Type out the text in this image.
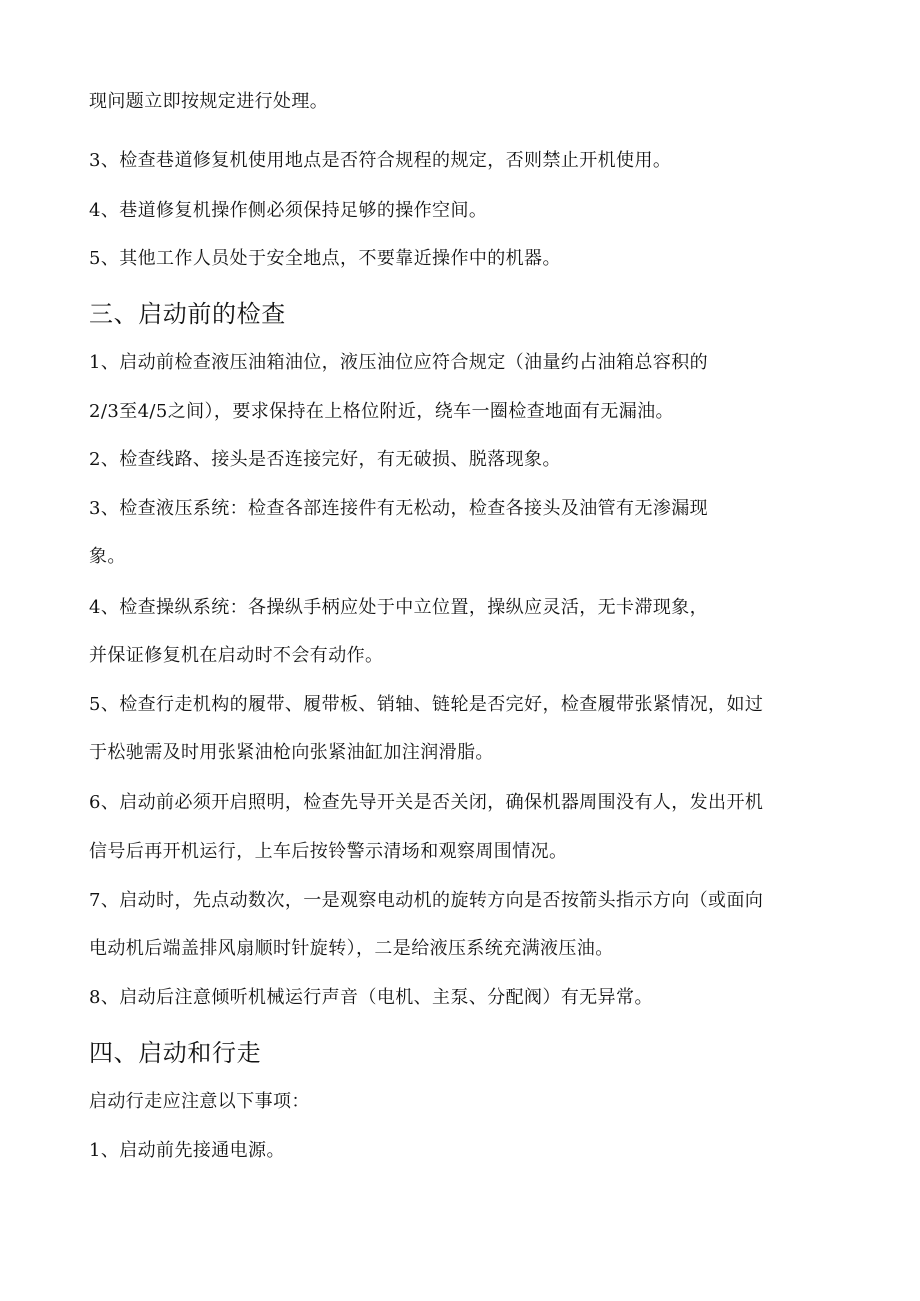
现问题立即按规定进行处理。
3、检查巷道修复机使用地点是否符合规程的规定，否则禁止开机使用。
4、巷道修复机操作侧必须保持足够的操作空间。
5、其他工作人员处于安全地点，不要靠近操作中的机器。
三、启动前的检查
1、启动前检查液压油箱油位，液压油位应符合规定（油量约占油箱总容积的
2/3至4/5之间），要求保持在上格位附近，绕车一圈检查地面有无漏油。
2、检查线路、接头是否连接完好，有无破损、脱落现象。
3、检查液压系统：检查各部连接件有无松动，检查各接头及油管有无渗漏现
象。
4、检查操纵系统：各操纵手柄应处于中立位置，操纵应灵活，无卡滞现象，
并保证修复机在启动时不会有动作。
5、检查行走机构的履带、履带板、销轴、链轮是否完好，检查履带张紧情况，如过
于松驰需及时用张紧油枪向张紧油缸加注润滑脂。
6、启动前必须开启照明，检查先导开关是否关闭，确保机器周围没有人，发出开机
信号后再开机运行，上车后按铃警示清场和观察周围情况。
7、启动时，先点动数次，一是观察电动机的旋转方向是否按箭头指示方向（或面向
电动机后端盖排风扇顺时针旋转），二是给液压系统充满液压油。
8、启动后注意倾听机械运行声音（电机、主泵、分配阀）有无异常。
四、启动和行走
启动行走应注意以下事项：
1、启动前先接通电源。
